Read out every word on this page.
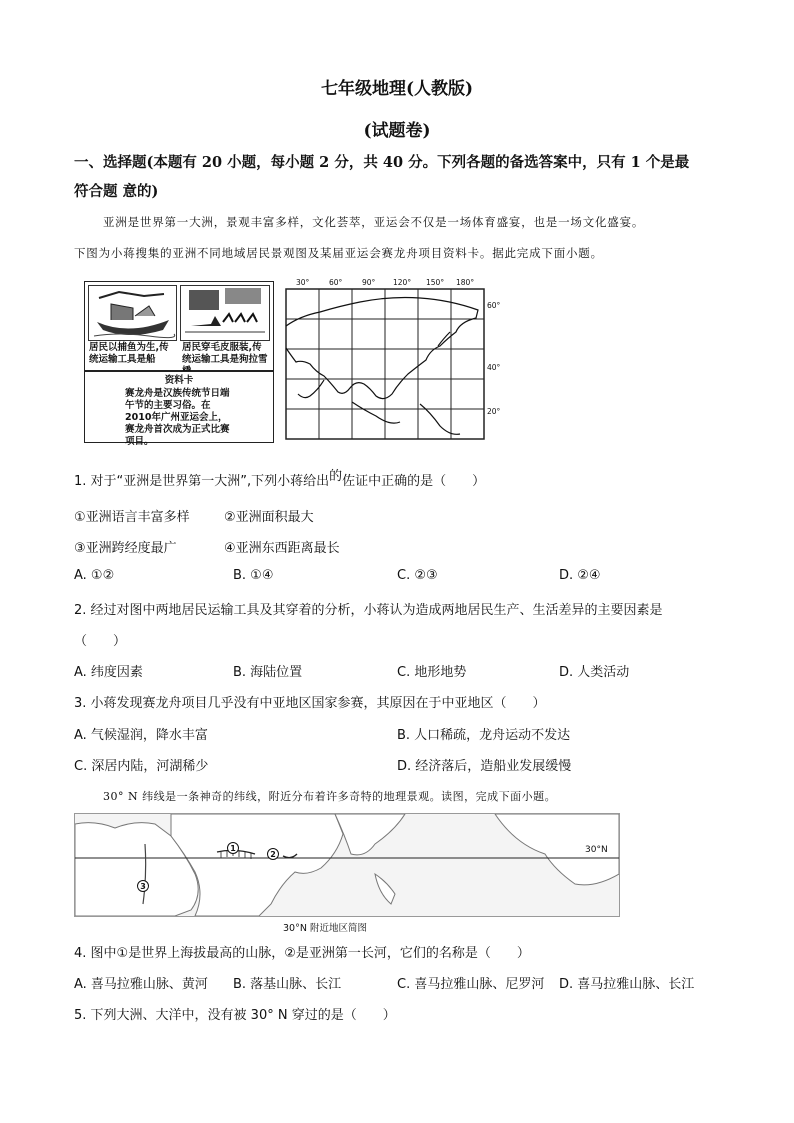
七年级地理(人教版)
(试题卷)
一、选择题(本题有 20 小题，每小题 2 分，共 40 分。下列各题的备选答案中，只有 1 个是最
符合题 意的)
亚洲是世界第一大洲，景观丰富多样，文化荟萃，亚运会不仅是一场体育盛宴，也是一场文化盛宴。
下图为小蒋搜集的亚洲不同地域居民景观图及某届亚运会赛龙舟项目资料卡。据此完成下面小题。
居民以捕鱼为生,传统运输工具是船
居民穿毛皮服装,传统运输工具是狗拉雪
资料卡
赛龙舟是汉族传统节日端午节的主要习俗。在2010年广州亚运会上，赛龙舟首次成为正式比赛项目。
30°	60°	90° 120° 150° 180°
60°
40°
20°
1. 对于“亚洲是世界第一大洲”,下列小蒋给出的佐证中正确的是（　　）
①亚洲语言丰富多样	②亚洲面积最大
③亚洲跨经度最广	④亚洲东西距离最长
A. ①②	B. ①④	C. ②③	D. ②④
2. 经过对图中两地居民运输工具及其穿着的分析，小蒋认为造成两地居民生产、生活差异的主要因素是
（　　）
A. 纬度因素	B. 海陆位置	C. 地形地势	D. 人类活动
3. 小蒋发现赛龙舟项目几乎没有中亚地区国家参赛，其原因在于中亚地区（　　）
A. 气候湿润，降水丰富	B. 人口稀疏，龙舟运动不发达
C. 深居内陆，河湖稀少	D. 经济落后，造船业发展缓慢
30° N 纬线是一条神奇的纬线，附近分布着许多奇特的地理景观。读图，完成下面小题。
1
2
3
30°N
30°N 附近地区简图
4. 图中①是世界上海拔最高的山脉，②是亚洲第一长河，它们的名称是（　　）
A. 喜马拉雅山脉、黄河 B. 落基山脉、长江	C. 喜马拉雅山脉、尼罗河 D. 喜马拉雅山脉、长江
5. 下列大洲、大洋中，没有被 30° N 穿过的是（　　）
